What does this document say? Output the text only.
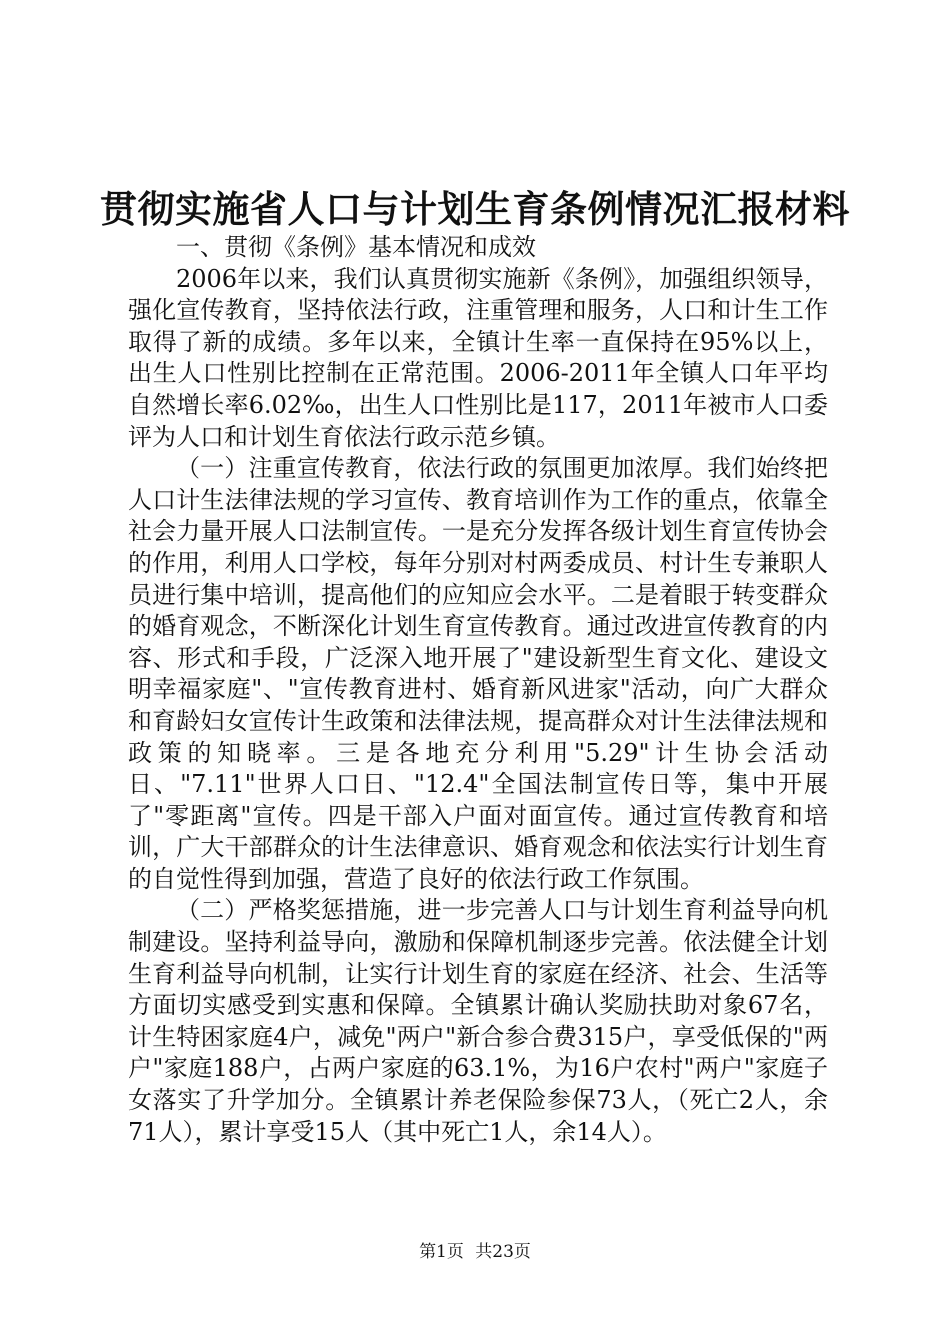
贯彻实施省人口与计划生育条例情况汇报材料

一、贯彻《条例》基本情况和成效

2006年以来，我们认真贯彻实施新《条例》，加强组织领导，强化宣传教育，坚持依法行政，注重管理和服务，人口和计生工作取得了新的成绩。多年以来，全镇计生率一直保持在95%以上，出生人口性别比控制在正常范围。2006-2011年全镇人口年平均自然增长率6.02‰，出生人口性别比是117，2011年被市人口委评为人口和计划生育依法行政示范乡镇。

（一）注重宣传教育，依法行政的氛围更加浓厚。我们始终把人口计生法律法规的学习宣传、教育培训作为工作的重点，依靠全社会力量开展人口法制宣传。一是充分发挥各级计划生育宣传协会的作用，利用人口学校，每年分别对村两委成员、村计生专兼职人员进行集中培训，提高他们的应知应会水平。二是着眼于转变群众的婚育观念，不断深化计划生育宣传教育。通过改进宣传教育的内容、形式和手段，广泛深入地开展了"建设新型生育文化、建设文明幸福家庭"、"宣传教育进村、婚育新风进家"活动，向广大群众和育龄妇女宣传计生政策和法律法规，提高群众对计生法律法规和政策的知晓率。三是各地充分利用"5.29"计生协会活动日、"7.11"世界人口日、"12.4"全国法制宣传日等，集中开展了"零距离"宣传。四是干部入户面对面宣传。通过宣传教育和培训，广大干部群众的计生法律意识、婚育观念和依法实行计划生育的自觉性得到加强，营造了良好的依法行政工作氛围。

（二）严格奖惩措施，进一步完善人口与计划生育利益导向机制建设。坚持利益导向，激励和保障机制逐步完善。依法健全计划生育利益导向机制，让实行计划生育的家庭在经济、社会、生活等方面切实感受到实惠和保障。全镇累计确认奖励扶助对象67名，计生特困家庭4户，减免"两户"新合参合费315户，享受低保的"两户"家庭188户，占两户家庭的63.1%，为16户农村"两户"家庭子女落实了升学加分。全镇累计养老保险参保73人，（死亡2人，余71人），累计享受15人（其中死亡1人，余14人）。

第1页 共23页
